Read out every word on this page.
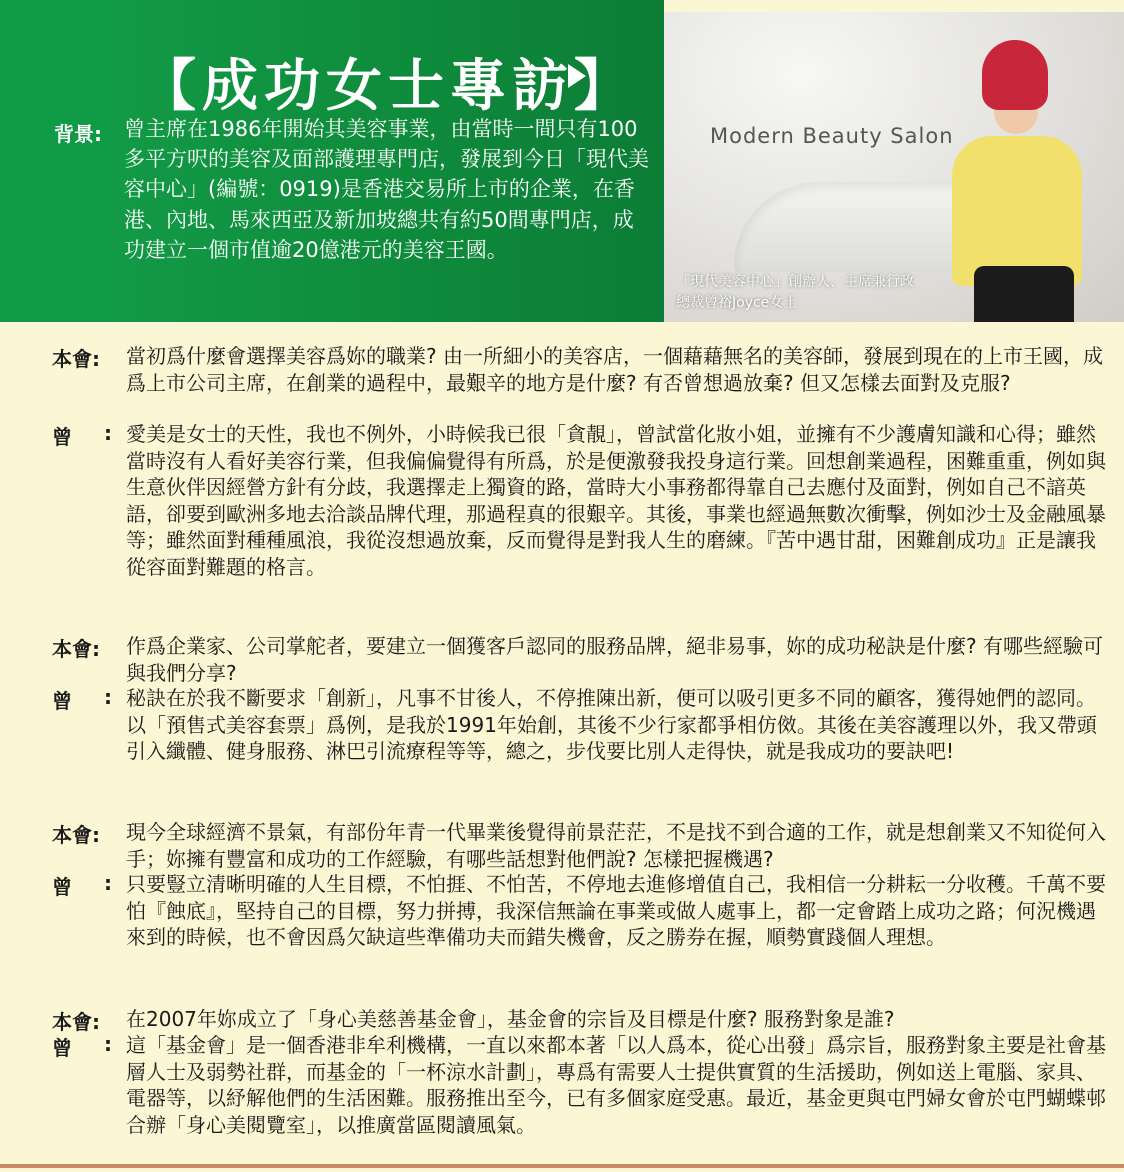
【成功女士專訪】
背景: 曾主席在1986年開始其美容事業，由當時一間只有100多平方呎的美容及面部護理專門店，發展到今日「現代美容中心」(編號：0919)是香港交易所上市的企業，在香港、內地、馬來西亞及新加坡總共有約50間專門店，成功建立一個市值逾20億港元的美容王國。
Modern Beauty Salon
「現代美容中心」創辦人、主席兼行政總裁曾裕Joyce女士
本會: 當初爲什麼會選擇美容爲妳的職業? 由一所細小的美容店，一個藉藉無名的美容師，發展到現在的上市王國，成爲上市公司主席，在創業的過程中，最艱辛的地方是什麼? 有否曾想過放棄? 但又怎樣去面對及克服?
曾 : 愛美是女士的天性，我也不例外，小時候我已很「貪靚」，曾試當化妝小姐，並擁有不少護膚知識和心得；雖然當時沒有人看好美容行業，但我偏偏覺得有所爲，於是便激發我投身這行業。回想創業過程，困難重重，例如與生意伙伴因經營方針有分歧，我選擇走上獨資的路，當時大小事務都得靠自己去應付及面對，例如自己不諳英語，卻要到歐洲多地去洽談品牌代理，那過程真的很艱辛。其後，事業也經過無數次衝擊，例如沙士及金融風暴等；雖然面對種種風浪，我從沒想過放棄，反而覺得是對我人生的磨練。『苦中遇甘甜，困難創成功』正是讓我從容面對難題的格言。
本會: 作爲企業家、公司掌舵者，要建立一個獲客戶認同的服務品牌，絕非易事，妳的成功秘訣是什麼? 有哪些經驗可與我們分享?
曾 : 秘訣在於我不斷要求「創新」，凡事不甘後人，不停推陳出新，便可以吸引更多不同的顧客，獲得她們的認同。以「預售式美容套票」爲例，是我於1991年始創，其後不少行家都爭相仿傚。其後在美容護理以外，我又帶頭引入纖體、健身服務、淋巴引流療程等等，總之，步伐要比別人走得快，就是我成功的要訣吧!
本會: 現今全球經濟不景氣，有部份年青一代畢業後覺得前景茫茫，不是找不到合適的工作，就是想創業又不知從何入手；妳擁有豐富和成功的工作經驗，有哪些話想對他們說? 怎樣把握機遇?
曾 : 只要豎立清晰明確的人生目標，不怕捱、不怕苦，不停地去進修增值自己，我相信一分耕耘一分收穫。千萬不要怕『蝕底』，堅持自己的目標，努力拼搏，我深信無論在事業或做人處事上，都一定會踏上成功之路；何況機遇來到的時候，也不會因爲欠缺這些準備功夫而錯失機會，反之勝券在握，順勢實踐個人理想。
本會: 在2007年妳成立了「身心美慈善基金會」，基金會的宗旨及目標是什麼? 服務對象是誰?
曾 : 這「基金會」是一個香港非牟利機構，一直以來都本著「以人爲本，從心出發」爲宗旨，服務對象主要是社會基層人士及弱勢社群，而基金的「一杯涼水計劃」，專爲有需要人士提供實質的生活援助，例如送上電腦、家具、電器等，以紓解他們的生活困難。服務推出至今，已有多個家庭受惠。最近，基金更與屯門婦女會於屯門蝴蝶邨合辦「身心美閱覽室」，以推廣當區閱讀風氣。
